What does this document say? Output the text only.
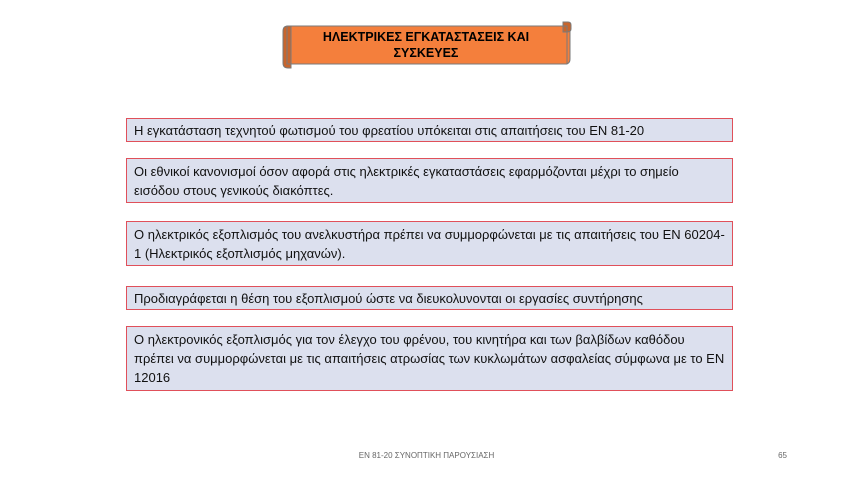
ΗΛΕΚΤΡΙΚΕΣ ΕΓΚΑΤΑΣΤΑΣΕΙΣ ΚΑΙ
ΣΥΣΚΕΥΕΣ
Η εγκατάσταση τεχνητού φωτισμού του φρεατίου υπόκειται στις απαιτήσεις του ΕΝ 81-20
Οι εθνικοί κανονισμοί όσον αφορά στις ηλεκτρικές εγκαταστάσεις εφαρμόζονται μέχρι το σημείο εισόδου στους γενικούς διακόπτες.
Ο ηλεκτρικός εξοπλισμός του ανελκυστήρα πρέπει να συμμορφώνεται με τις απαιτήσεις του ΕΝ 60204-1 (Ηλεκτρικός εξοπλισμός μηχανών).
Προδιαγράφεται η θέση του εξοπλισμού ώστε να διευκολυνονται οι εργασίες συντήρησης
Ο ηλεκτρονικός εξοπλισμός για τον έλεγχο του φρένου, του κινητήρα και των βαλβίδων καθόδου πρέπει να συμμορφώνεται με τις απαιτήσεις ατρωσίας των κυκλωμάτων ασφαλείας σύμφωνα με το ΕΝ 12016
ΕΝ 81-20 ΣΥΝΟΠΤΙΚΗ ΠΑΡΟΥΣΙΑΣΗ	65
